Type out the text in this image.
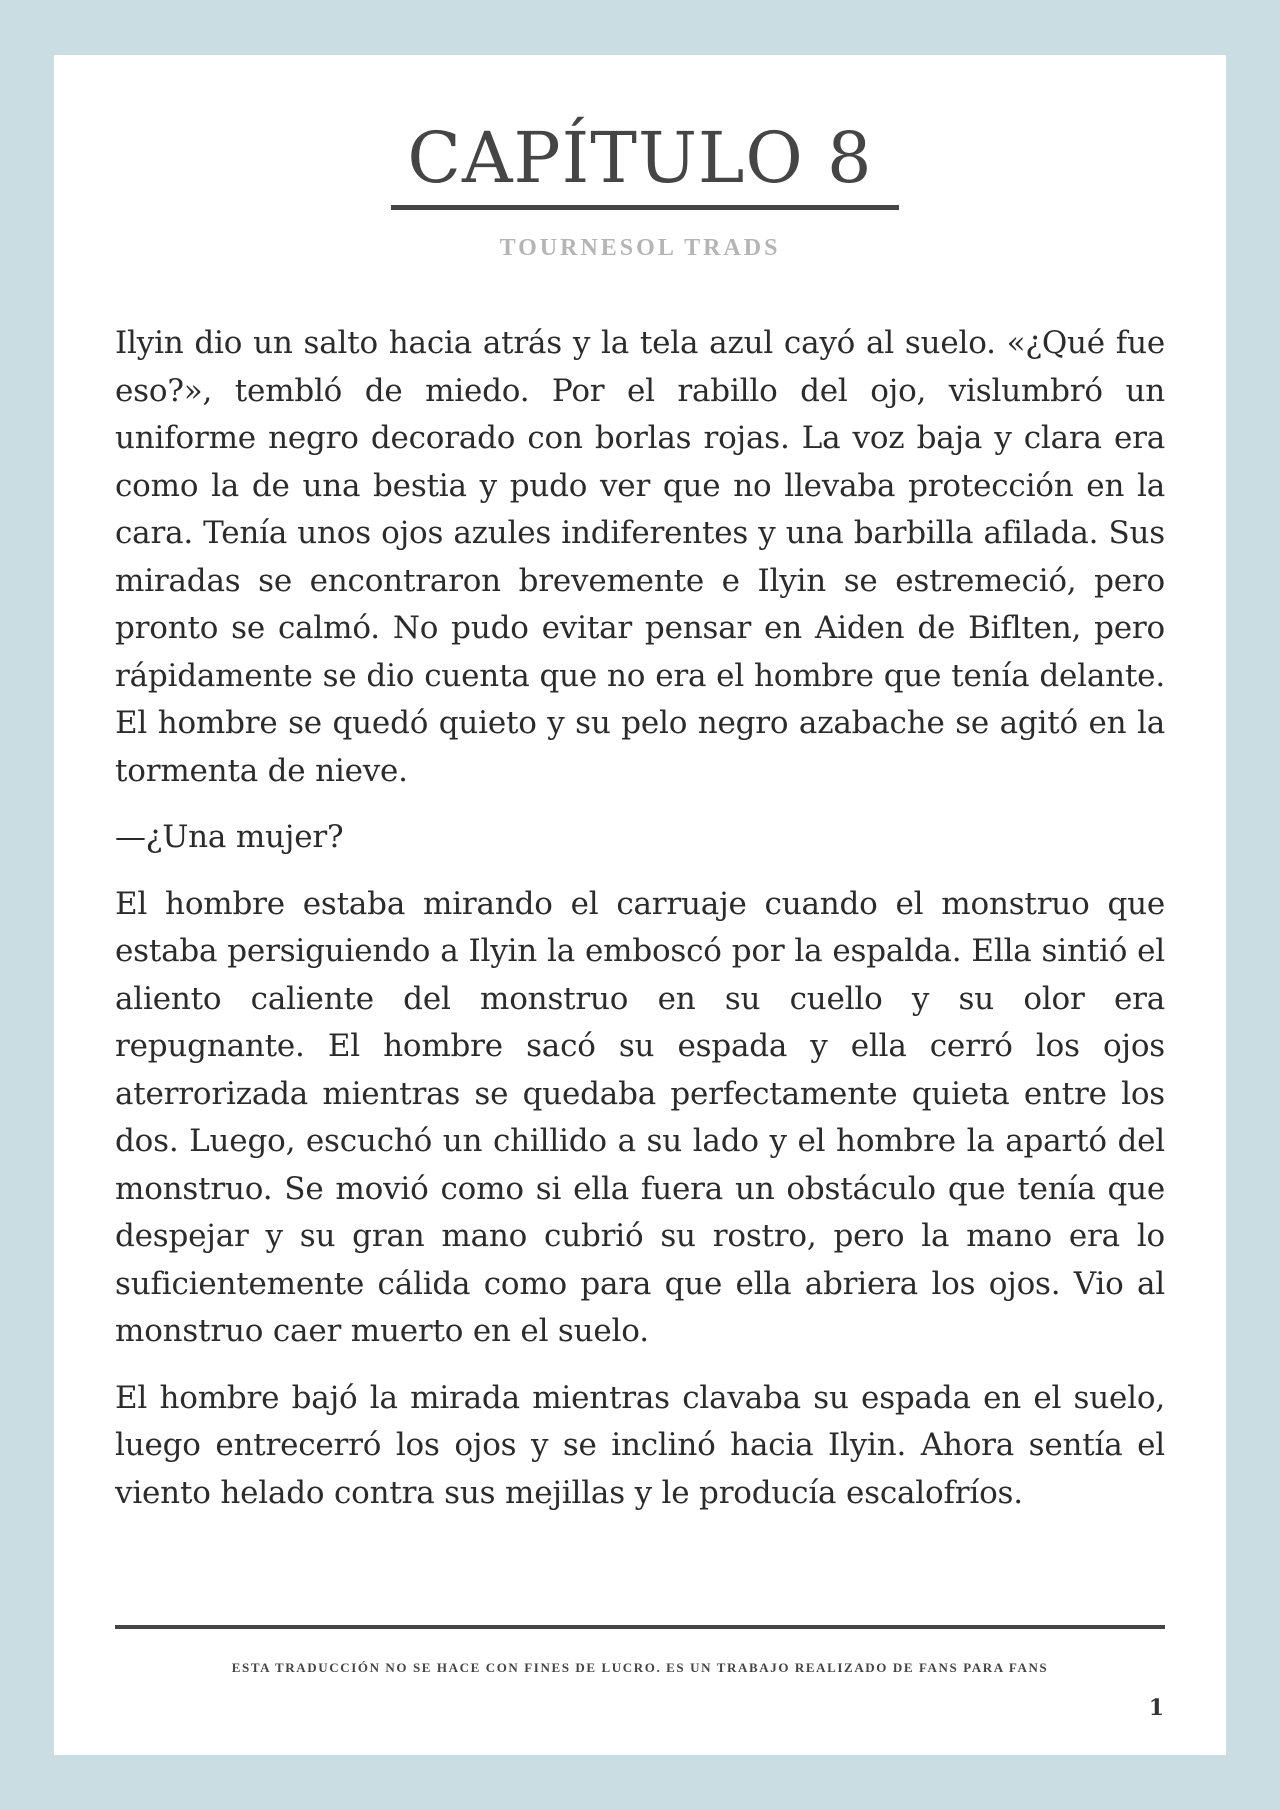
CAPÍTULO 8
TOURNESOL TRADS

Ilyin dio un salto hacia atrás y la tela azul cayó al suelo. «¿Qué fue eso?», tembló de miedo. Por el rabillo del ojo, vislumbró un uniforme negro decorado con borlas rojas. La voz baja y clara era como la de una bestia y pudo ver que no llevaba protección en la cara. Tenía unos ojos azules indiferentes y una barbilla afilada. Sus miradas se encontraron brevemente e Ilyin se estremeció, pero pronto se calmó. No pudo evitar pensar en Aiden de Biflten, pero rápidamente se dio cuenta que no era el hombre que tenía delante. El hombre se quedó quieto y su pelo negro azabache se agitó en la tormenta de nieve.

—¿Una mujer?

El hombre estaba mirando el carruaje cuando el monstruo que estaba persiguiendo a Ilyin la emboscó por la espalda. Ella sintió el aliento caliente del monstruo en su cuello y su olor era repugnante. El hombre sacó su espada y ella cerró los ojos aterrorizada mientras se quedaba perfectamente quieta entre los dos. Luego, escuchó un chillido a su lado y el hombre la apartó del monstruo. Se movió como si ella fuera un obstáculo que tenía que despejar y su gran mano cubrió su rostro, pero la mano era lo suficientemente cálida como para que ella abriera los ojos. Vio al monstruo caer muerto en el suelo.

El hombre bajó la mirada mientras clavaba su espada en el suelo, luego entrecerró los ojos y se inclinó hacia Ilyin. Ahora sentía el viento helado contra sus mejillas y le producía escalofríos.

ESTA TRADUCCIÓN NO SE HACE CON FINES DE LUCRO. ES UN TRABAJO REALIZADO DE FANS PARA FANS
1
